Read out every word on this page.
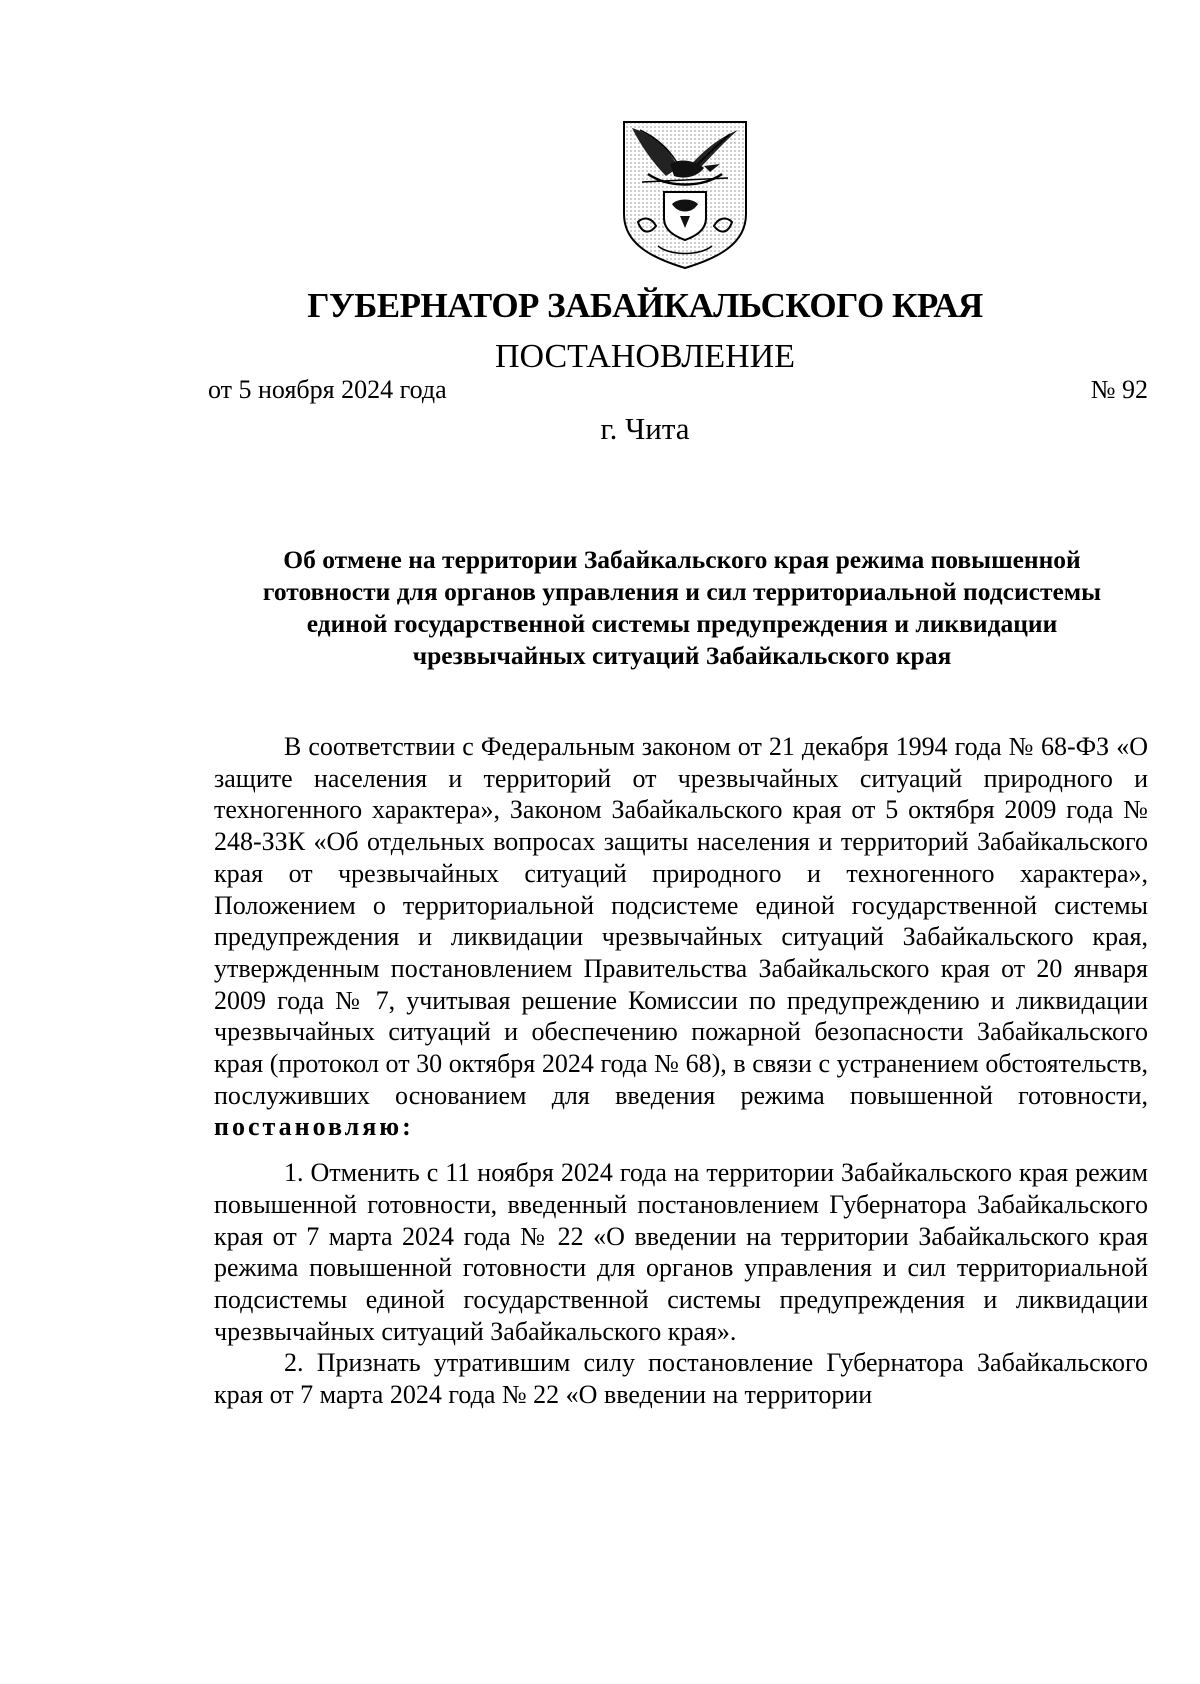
ГУБЕРНАТОР ЗАБАЙКАЛЬСКОГО КРАЯ
ПОСТАНОВЛЕНИЕ
от 5 ноября 2024 года	№ 92
г. Чита
Об отмене на территории Забайкальского края режима повышенной
готовности для органов управления и сил территориальной подсистемы
единой государственной системы предупреждения и ликвидации
чрезвычайных ситуаций Забайкальского края

В соответствии с Федеральным законом от 21 декабря 1994 года № 68-ФЗ «О защите населения и территорий от чрезвычайных ситуаций природного и техногенного характера», Законом Забайкальского края от 5 октября 2009 года № 248-ЗЗК «Об отдельных вопросах защиты населения и территорий Забайкальского края от чрезвычайных ситуаций природного и техногенного характера», Положением о территориальной подсистеме единой государственной системы предупреждения и ликвидации чрезвычайных ситуаций Забайкальского края, утвержденным постановлением Правительства Забайкальского края от 20 января 2009 года № 7, учитывая решение Комиссии по предупреждению и ликвидации чрезвычайных ситуаций и обеспечению пожарной безопасности Забайкальского края (протокол от 30 октября 2024 года № 68), в связи с устранением обстоятельств, послуживших основанием для введения режима повышенной готовности, постановляю:

1. Отменить с 11 ноября 2024 года на территории Забайкальского края режим повышенной готовности, введенный постановлением Губернатора Забайкальского края от 7 марта 2024 года № 22 «О введении на территории Забайкальского края режима повышенной готовности для органов управления и сил территориальной подсистемы единой государственной системы предупреждения и ликвидации чрезвычайных ситуаций Забайкальского края».

2. Признать утратившим силу постановление Губернатора Забайкальского края от 7 марта 2024 года № 22 «О введении на территории
